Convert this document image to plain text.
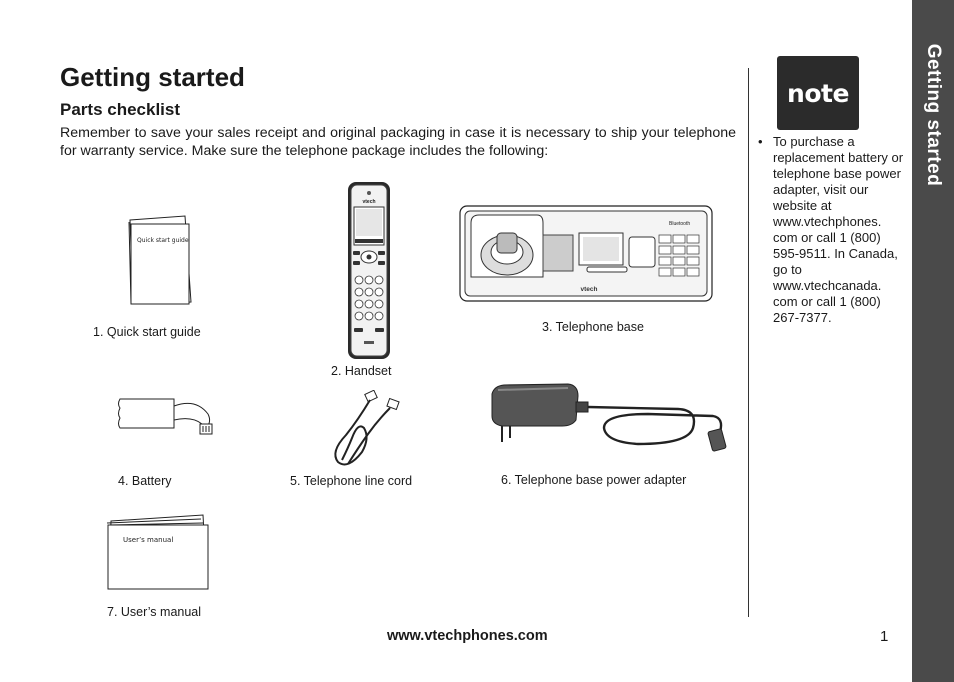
Getting started
Parts checklist
Remember to save your sales receipt and original packaging in case it is necessary to ship your telephone for warranty service. Make sure the telephone package includes the following:
Quick start guide
1. Quick start guide
vtech
2. Handset
Bluetooth
vtech
3. Telephone base
4. Battery	5. Telephone line cord	6. Telephone base power adapter
User’s manual
7. User’s manual
note
• To purchase a replacement battery or telephone base power adapter, visit our website at www.vtechphones. com or call 1 (800) 595-9511. In Canada, go to www.vtechcanada. com or call 1 (800) 267-7377.
Getting started
www.vtechphones.com	1
